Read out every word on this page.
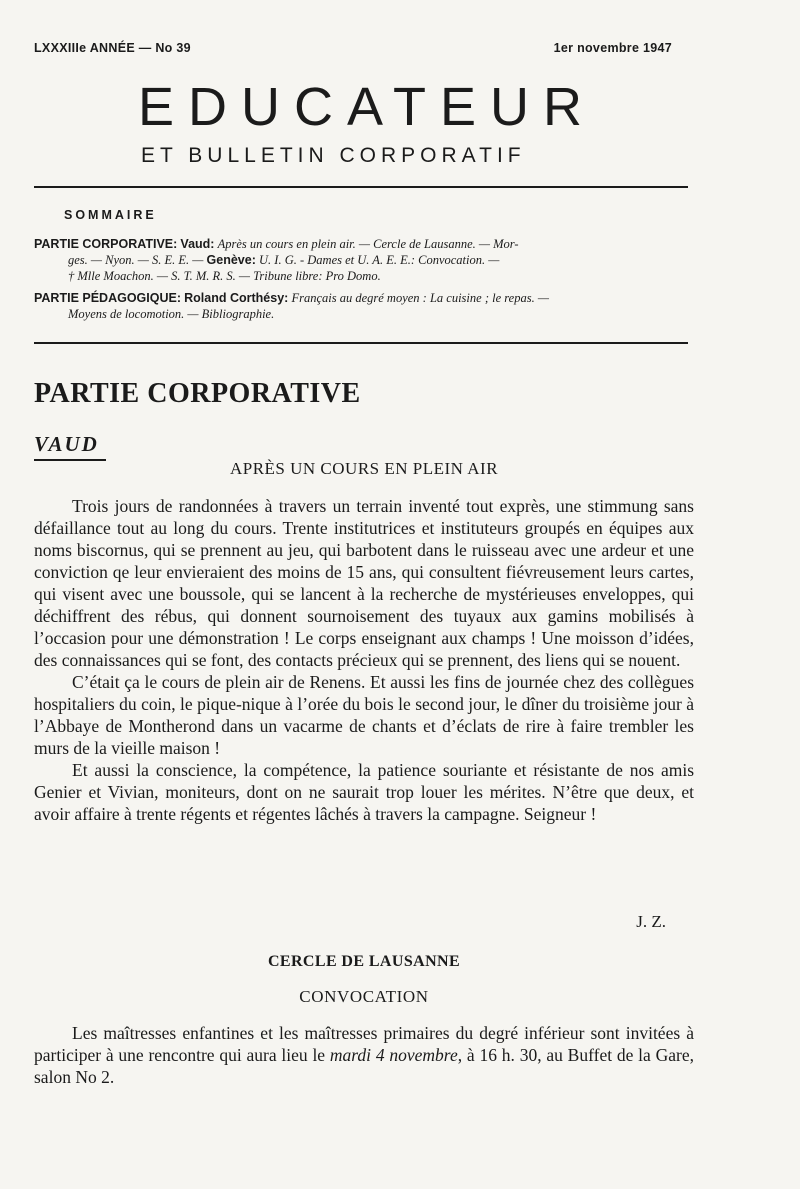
LXXXIIIe ANNÉE — No 39	1er novembre 1947
EDUCATEUR
ET BULLETIN CORPORATIF
SOMMAIRE
PARTIE CORPORATIVE: Vaud: Après un cours en plein air. — Cercle de Lausanne. — Mor-
ges. — Nyon. — S. E. E. — Genève: U. I. G. - Dames et U. A. E. E.: Convocation. —
† Mlle Moachon. — S. T. M. R. S. — Tribune libre: Pro Domo.
PARTIE PÉDAGOGIQUE: Roland Corthésy: Français au degré moyen : La cuisine ; le repas. —
Moyens de locomotion. — Bibliographie.
PARTIE CORPORATIVE
VAUD
APRÈS UN COURS EN PLEIN AIR

Trois jours de randonnées à travers un terrain inventé tout exprès, une stimmung sans défaillance tout au long du cours. Trente institutrices et instituteurs groupés en équipes aux noms biscornus, qui se prennent au jeu, qui barbotent dans le ruisseau avec une ardeur et une conviction qe leur envieraient des moins de 15 ans, qui consultent fiévreusement leurs cartes, qui visent avec une boussole, qui se lancent à la recherche de mystérieuses enveloppes, qui déchiffrent des rébus, qui donnent sournoisement des tuyaux aux gamins mobilisés à l’occasion pour une démonstration ! Le corps enseignant aux champs ! Une moisson d’idées, des connaissances qui se font, des contacts précieux qui se prennent, des liens qui se nouent.

C’était ça le cours de plein air de Renens. Et aussi les fins de journée chez des collègues hospitaliers du coin, le pique-nique à l’orée du bois le second jour, le dîner du troisième jour à l’Abbaye de Montherond dans un vacarme de chants et d’éclats de rire à faire trembler les murs de la vieille maison !

Et aussi la conscience, la compétence, la patience souriante et résistante de nos amis Genier et Vivian, moniteurs, dont on ne saurait trop louer les mérites. N’être que deux, et avoir affaire à trente régents et régentes lâchés à travers la campagne. Seigneur !

J. Z.
CERCLE DE LAUSANNE
CONVOCATION

Les maîtresses enfantines et les maîtresses primaires du degré inférieur sont invitées à participer à une rencontre qui aura lieu le mardi 4 novembre, à 16 h. 30, au Buffet de la Gare, salon No 2.
